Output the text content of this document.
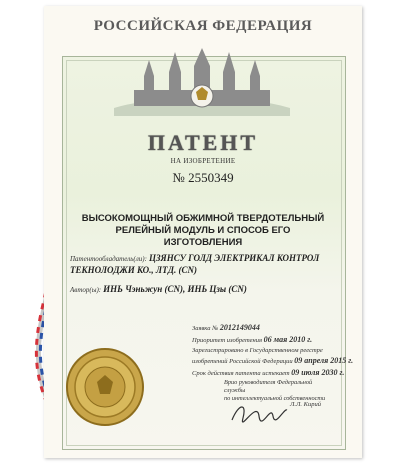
РОССИЙСКАЯ ФЕДЕРАЦИЯ
ПАТЕНТ
НА ИЗОБРЕТЕНИЕ
№ 2550349
ВЫСОКОМОЩНЫЙ ОБЖИМНОЙ ТВЕРДОТЕЛЬНЫЙ РЕЛЕЙНЫЙ МОДУЛЬ И СПОСОБ ЕГО ИЗГОТОВЛЕНИЯ
Патентообладатель(ли): ЦЗЯНСУ ГОЛД ЭЛЕКТРИКАЛ КОНТРОЛ ТЕКНОЛОДЖИ КО., ЛТД. (CN)
Автор(ы): ИНЬ Чэньжун (CN), ИНЬ Цзы (CN)
Заявка № 2012149044
Приоритет изобретения 06 мая 2010 г.
Зарегистрировано в Государственном реестре
изобретений Российской Федерации 09 апреля 2015 г.
Срок действия патента истекает 09 июля 2030 г.
Врио руководителя Федеральной службы
по интеллектуальной собственности
Л.Л. Кирий
